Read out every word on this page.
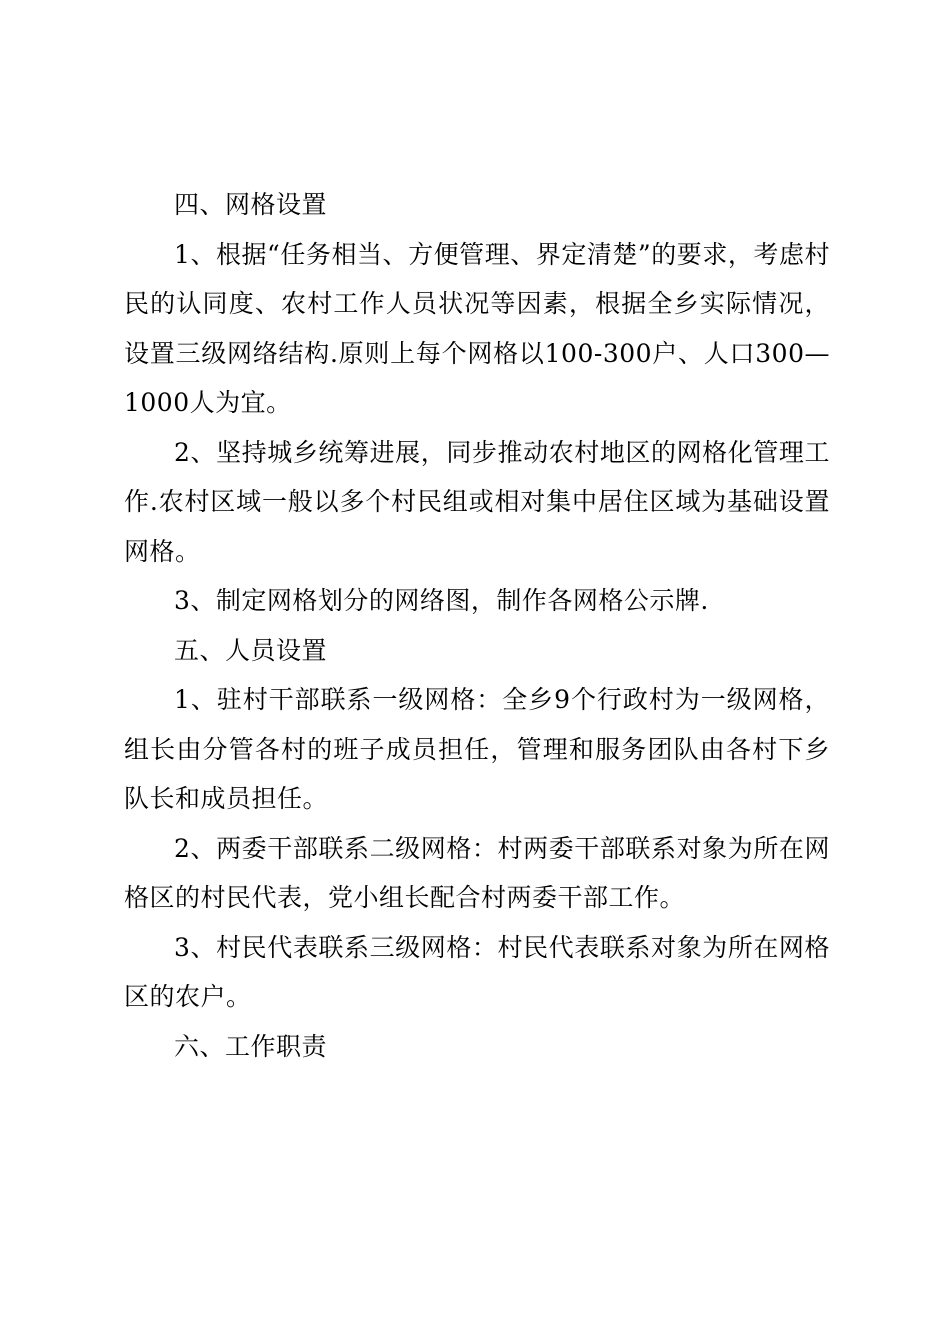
四、网格设置

1、根据“任务相当、方便管理、界定清楚”的要求，考虑村民的认同度、农村工作人员状况等因素，根据全乡实际情况，设置三级网络结构.原则上每个网格以100-300户、人口300—1000人为宜。

2、坚持城乡统筹进展，同步推动农村地区的网格化管理工作.农村区域一般以多个村民组或相对集中居住区域为基础设置网格。

3、制定网格划分的网络图，制作各网格公示牌.

五、人员设置

1、驻村干部联系一级网格：全乡9个行政村为一级网格，组长由分管各村的班子成员担任，管理和服务团队由各村下乡队长和成员担任。

2、两委干部联系二级网格：村两委干部联系对象为所在网格区的村民代表，党小组长配合村两委干部工作。

3、村民代表联系三级网格：村民代表联系对象为所在网格区的农户。

六、工作职责
